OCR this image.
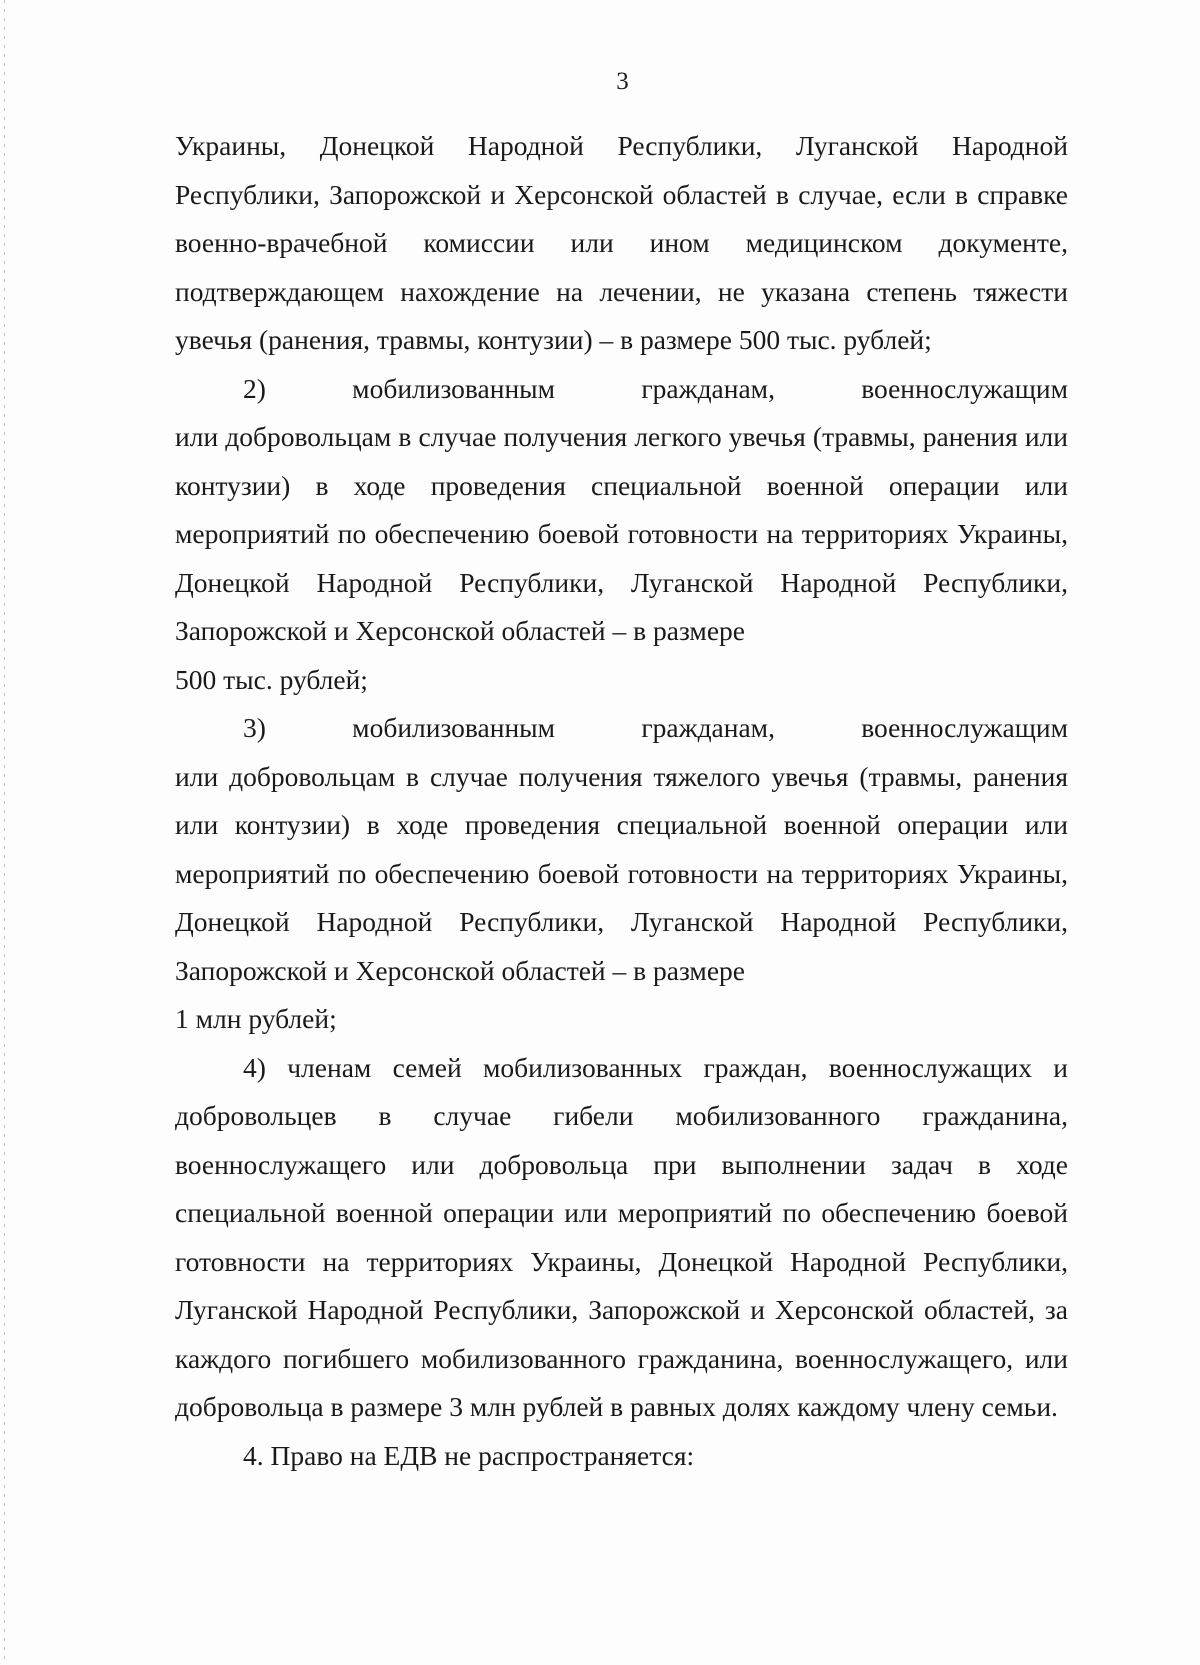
3

Украины, Донецкой Народной Республики, Луганской Народной Республики, Запорожской и Херсонской областей в случае, если в справке военно-врачебной комиссии или ином медицинском документе, подтверждающем нахождение на лечении, не указана степень тяжести увечья (ранения, травмы, контузии) – в размере 500 тыс. рублей;

2)	мобилизованным	гражданам,	военнослужащим

или добровольцам в случае получения легкого увечья (травмы, ранения или контузии) в ходе проведения специальной военной операции или мероприятий по обеспечению боевой готовности на территориях Украины, Донецкой Народной Республики, Луганской Народной Республики, Запорожской и Херсонской областей – в размере

500 тыс. рублей;
3)	мобилизованным	гражданам,	военнослужащим

или добровольцам в случае получения тяжелого увечья (травмы, ранения или контузии) в ходе проведения специальной военной операции или мероприятий по обеспечению боевой готовности на территориях Украины, Донецкой Народной Республики, Луганской Народной Республики, Запорожской и Херсонской областей – в размере

1 млн рублей;

4) членам семей мобилизованных граждан, военнослужащих и добровольцев в случае гибели мобилизованного гражданина, военнослужащего или добровольца при выполнении задач в ходе специальной военной операции или мероприятий по обеспечению боевой готовности на территориях Украины, Донецкой Народной Республики, Луганской Народной Республики, Запорожской и Херсонской областей, за каждого погибшего мобилизованного гражданина, военнослужащего, или добровольца в размере 3 млн рублей в равных долях каждому члену семьи.

4. Право на ЕДВ не распространяется:
